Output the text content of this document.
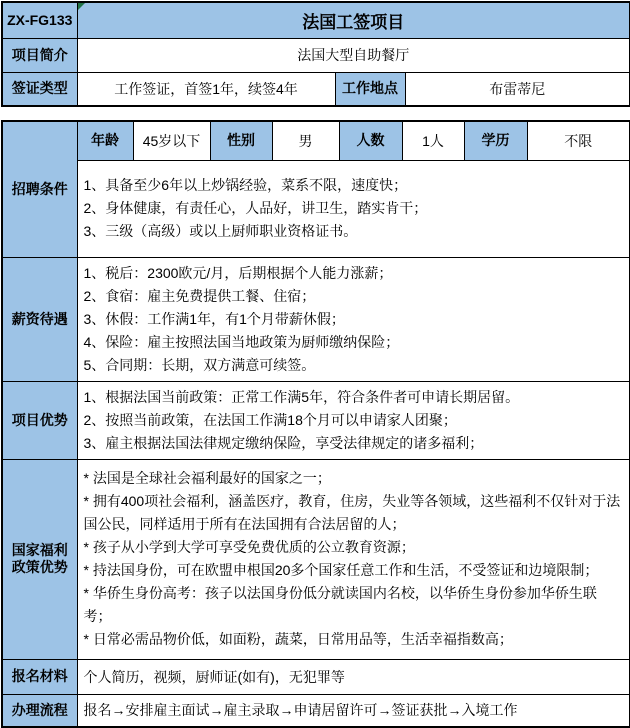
ZX-FG133	法国工签项目		
项目简介	法国大型自助餐厅		
签证类型	工作签证，首签1年，续签4年	工作地点	布雷蒂尼
招聘条件	年龄	45岁以下	性别	男	人数	1人	学历	不限

	1、具备至少6年以上炒锅经验，菜系不限，速度快；
2、身体健康，有责任心，人品好，讲卫生，踏实肯干；
3、三级（高级）或以上厨师职业资格证书。							

薪资待遇	1、税后：2300欧元/月，后期根据个人能力涨薪；
2、食宿：雇主免费提供工餐、住宿；
3、休假：工作满1年，有1个月带薪休假；
4、保险：雇主按照法国当地政策为厨师缴纳保险；
5、合同期：长期，双方满意可续签。							

项目优势	1、根据法国当前政策：正常工作满5年，符合条件者可申请长期居留。
2、按照当前政策，在法国工作满18个月可以申请家人团聚；
3、雇主根据法国法律规定缴纳保险，享受法律规定的诸多福利；							

国家福利政策优势	
* 法国是全球社会福利最好的国家之一；
* 拥有400项社会福利，涵盖医疗，教育，住房，失业等各领域，这些福利不仅针对于法国公民，同样适用于所有在法国拥有合法居留的人；
* 孩子从小学到大学可享受免费优质的公立教育资源；
* 持法国身份，可在欧盟申根国20多个国家任意工作和生活，不受签证和边境限制；
* 华侨生身份高考：孩子以法国身份低分就读国内名校，以华侨生身份参加华侨生联考；
* 日常必需品物价低，如面粉，蔬菜，日常用品等，生活幸福指数高；

报名材料	个人简历，视频，厨师证(如有)，无犯罪等							
办理流程	报名→安排雇主面试→雇主录取→申请居留许可→签证获批→入境工作							
